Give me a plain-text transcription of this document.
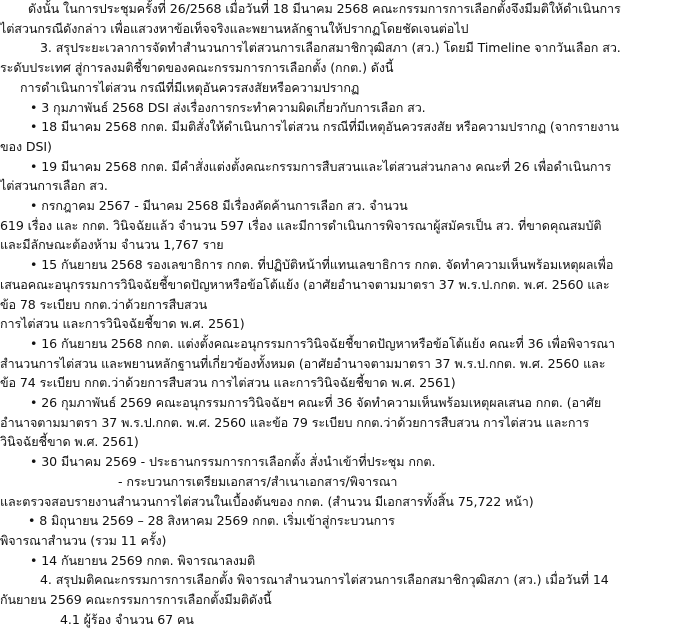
ดังนั้น ในการประชุมครั้งที่ 26/2568 เมื่อวันที่ 18 มีนาคม 2568 คณะกรรมการการเลือกตั้งจึงมีมติให้ดำเนินการ
ไต่สวนกรณีดังกล่าว เพื่อแสวงหาข้อเท็จจริงและพยานหลักฐานให้ปรากฏโดยชัดเจนต่อไป
3. สรุประยะเวลาการจัดทำสำนวนการไต่สวนการเลือกสมาชิกวุฒิสภา (สว.) โดยมี Timeline จากวันเลือก สว.
ระดับประเทศ สู่การลงมติชี้ขาดของคณะกรรมการการเลือกตั้ง (กกต.) ดังนี้
การดำเนินการไต่สวน กรณีที่มีเหตุอันควรสงสัยหรือความปรากฏ
• 3 กุมภาพันธ์ 2568 DSI ส่งเรื่องการกระทำความผิดเกี่ยวกับการเลือก สว.
• 18 มีนาคม 2568 กกต. มีมติสั่งให้ดำเนินการไต่สวน กรณีที่มีเหตุอันควรสงสัย หรือความปรากฏ (จากรายงาน
ของ DSI)
• 19 มีนาคม 2568 กกต. มีคำสั่งแต่งตั้งคณะกรรมการสืบสวนและไต่สวนส่วนกลาง คณะที่ 26 เพื่อดำเนินการ
ไต่สวนการเลือก สว.
• กรกฎาคม 2567 - มีนาคม 2568 มีเรื่องคัดค้านการเลือก สว. จำนวน
619 เรื่อง และ กกต. วินิจฉัยแล้ว จำนวน 597 เรื่อง และมีการดำเนินการพิจารณาผู้สมัครเป็น สว. ที่ขาดคุณสมบัติ
และมีลักษณะต้องห้าม จำนวน 1,767 ราย
• 15 กันยายน 2568 รองเลขาธิการ กกต. ที่ปฏิบัติหน้าที่แทนเลขาธิการ กกต. จัดทำความเห็นพร้อมเหตุผลเพื่อ
เสนอคณะอนุกรรมการวินิจฉัยชี้ขาดปัญหาหรือข้อโต้แย้ง (อาศัยอำนาจตามมาตรา 37 พ.ร.ป.กกต. พ.ศ. 2560 และ
ข้อ 78 ระเบียบ กกต.ว่าด้วยการสืบสวน
การไต่สวน และการวินิจฉัยชี้ขาด พ.ศ. 2561)
• 16 กันยายน 2568 กกต. แต่งตั้งคณะอนุกรรมการวินิจฉัยชี้ขาดปัญหาหรือข้อโต้แย้ง คณะที่ 36 เพื่อพิจารณา
สำนวนการไต่สวน และพยานหลักฐานที่เกี่ยวข้องทั้งหมด (อาศัยอำนาจตามมาตรา 37 พ.ร.ป.กกต. พ.ศ. 2560 และ
ข้อ 74 ระเบียบ กกต.ว่าด้วยการสืบสวน การไต่สวน และการวินิจฉัยชี้ขาด พ.ศ. 2561)
• 26 กุมภาพันธ์ 2569 คณะอนุกรรมการวินิจฉัยฯ คณะที่ 36 จัดทำความเห็นพร้อมเหตุผลเสนอ กกต. (อาศัย
อำนาจตามมาตรา 37 พ.ร.ป.กกต. พ.ศ. 2560 และข้อ 79 ระเบียบ กกต.ว่าด้วยการสืบสวน การไต่สวน และการ
วินิจฉัยชี้ขาด พ.ศ. 2561)
• 30 มีนาคม 2569 - ประธานกรรมการการเลือกตั้ง สั่งนำเข้าที่ประชุม กกต.
- กระบวนการเตรียมเอกสาร/สำเนาเอกสาร/พิจารณา
และตรวจสอบรายงานสำนวนการไต่สวนในเบื้องต้นของ กกต. (สำนวน มีเอกสารทั้งสิ้น 75,722 หน้า)
• 8 มิถุนายน 2569 – 28 สิงหาคม 2569 กกต. เริ่มเข้าสู่กระบวนการ
พิจารณาสำนวน (รวม 11 ครั้ง)
• 14 กันยายน 2569 กกต. พิจารณาลงมติ
4. สรุปมติคณะกรรมการการเลือกตั้ง พิจารณาสำนวนการไต่สวนการเลือกสมาชิกวุฒิสภา (สว.) เมื่อวันที่ 14
กันยายน 2569 คณะกรรมการการเลือกตั้งมีมติดังนี้
4.1 ผู้ร้อง จำนวน 67 คน
